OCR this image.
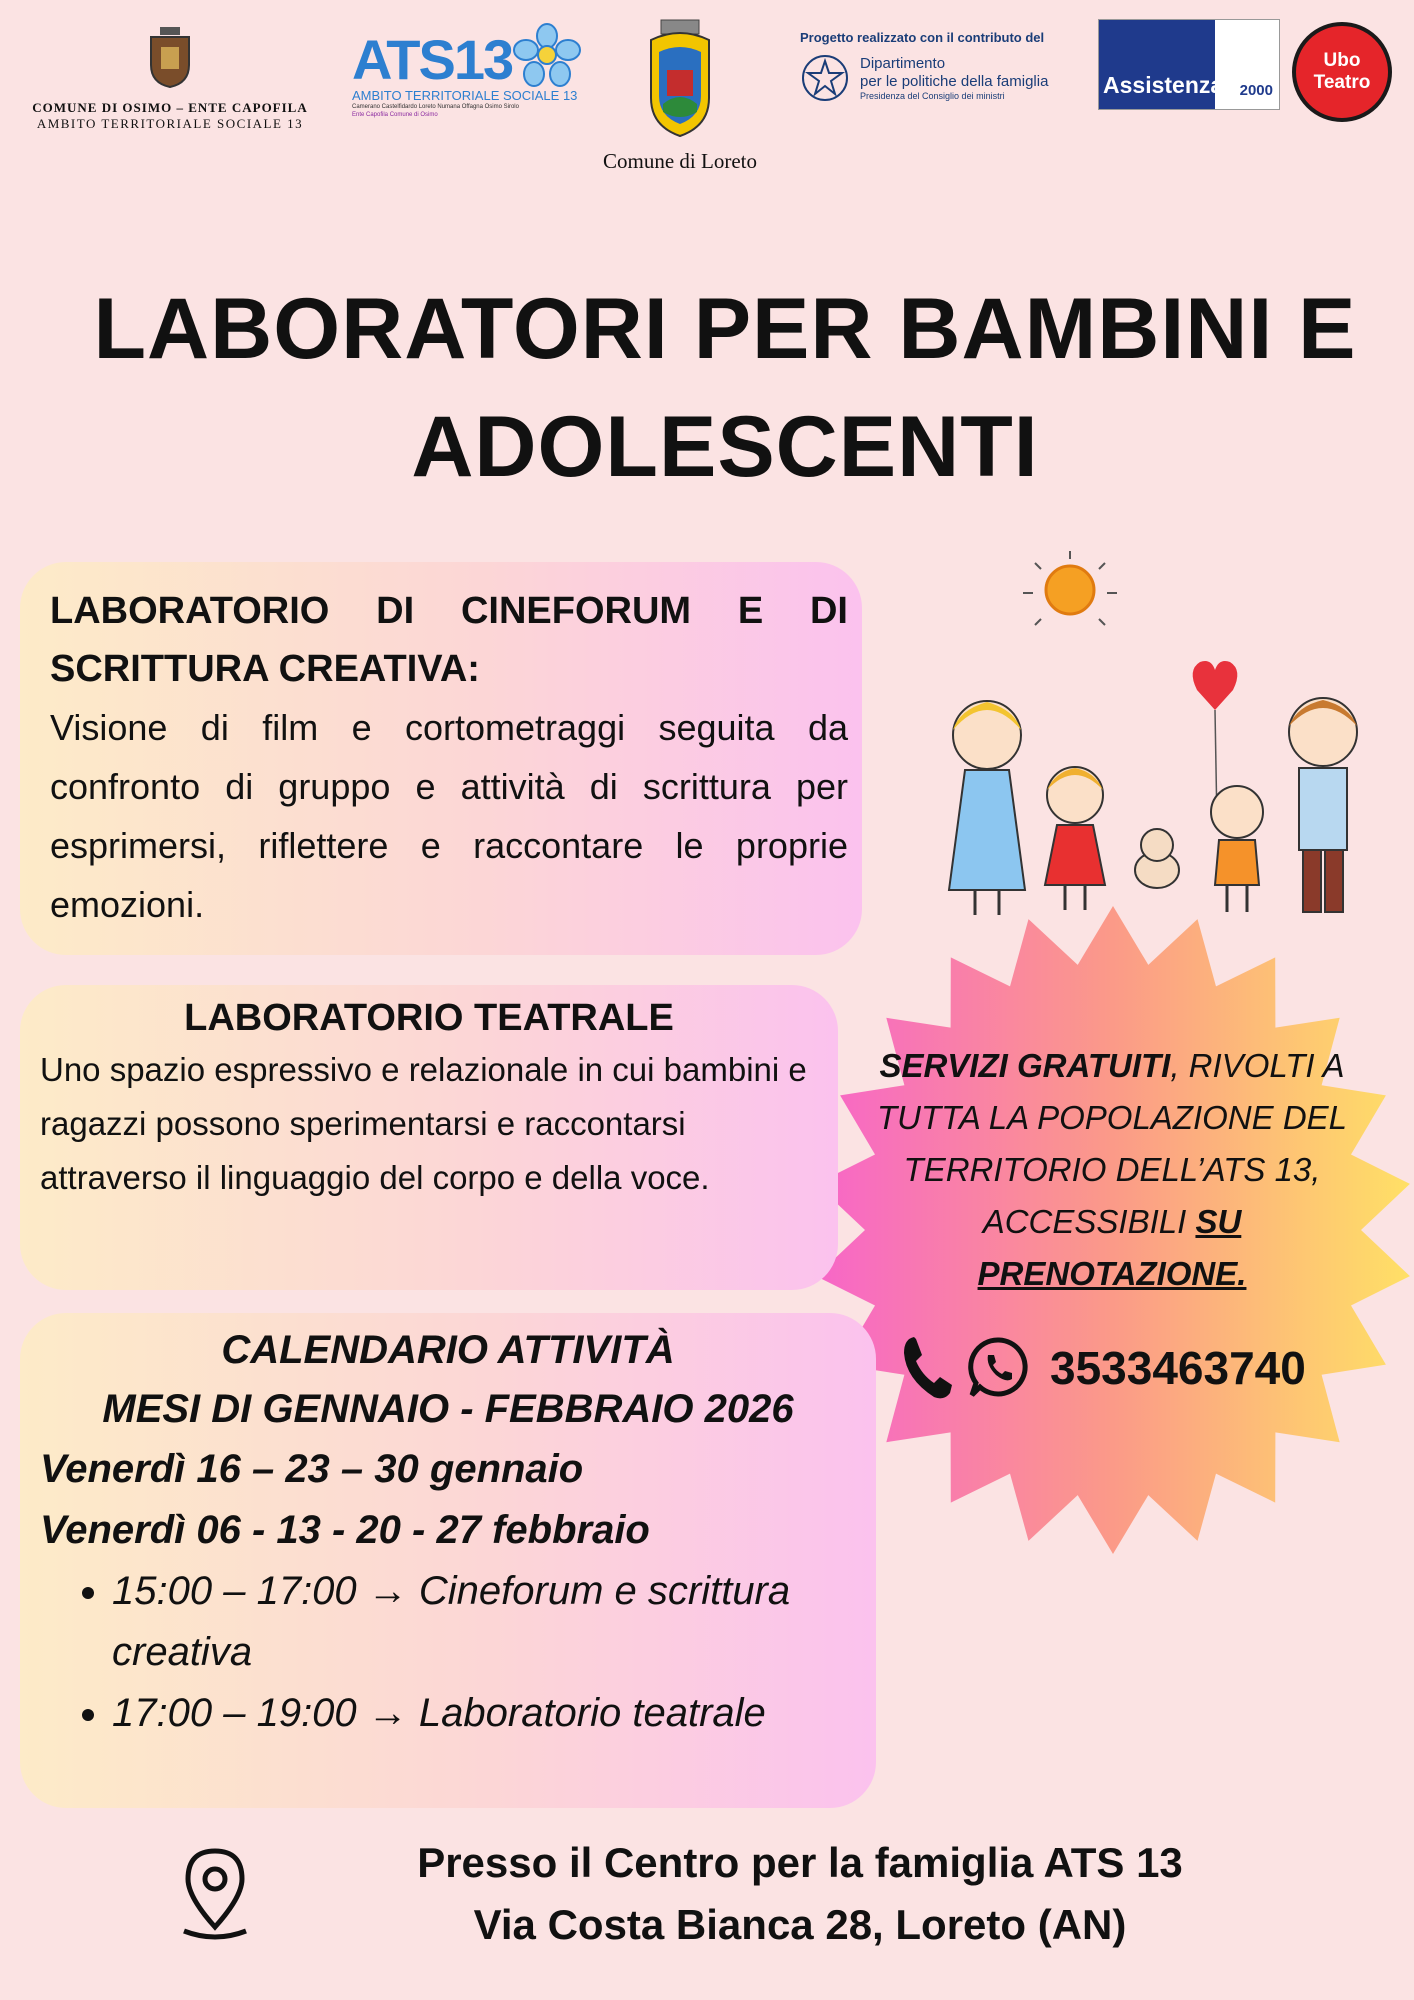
COMUNE DI OSIMO – ENTE CAPOFILA
AMBITO TERRITORIALE SOCIALE 13
ATS13
AMBITO TERRITORIALE SOCIALE 13
Camerano Castelfidardo Loreto Numana Offagna Osimo Sirolo
Ente Capofila Comune di Osimo
Comune di Loreto
Progetto realizzato con il contributo del
Dipartimento
per le politiche della famiglia
Presidenza del Consiglio dei ministri	Assistenza 2000
Ubo
Teatro
LABORATORI PER BAMBINI E
ADOLESCENTI
SERVIZI GRATUITI, RIVOLTI A TUTTA LA POPOLAZIONE DEL TERRITORIO DELL’ATS 13, ACCESSIBILI SU PRENOTAZIONE.
3533463740
LABORATORIO DI CINEFORUM E DI SCRITTURA CREATIVA:
Visione di film e cortometraggi seguita da confronto di gruppo e attività di scrittura per esprimersi, riflettere e raccontare le proprie emozioni.
LABORATORIO TEATRALE
Uno spazio espressivo e relazionale in cui bambini e ragazzi possono sperimentarsi e raccontarsi attraverso il linguaggio del corpo e della voce.
CALENDARIO ATTIVITÀ
MESI DI GENNAIO - FEBBRAIO 2026
Venerdì 16 – 23 – 30 gennaio
Venerdì 06 - 13 - 20 - 27 febbraio
• 15:00 – 17:00 → Cineforum e scrittura creativa
• 17:00 – 19:00 → Laboratorio teatrale
Presso il Centro per la famiglia ATS 13
Via Costa Bianca 28, Loreto (AN)
